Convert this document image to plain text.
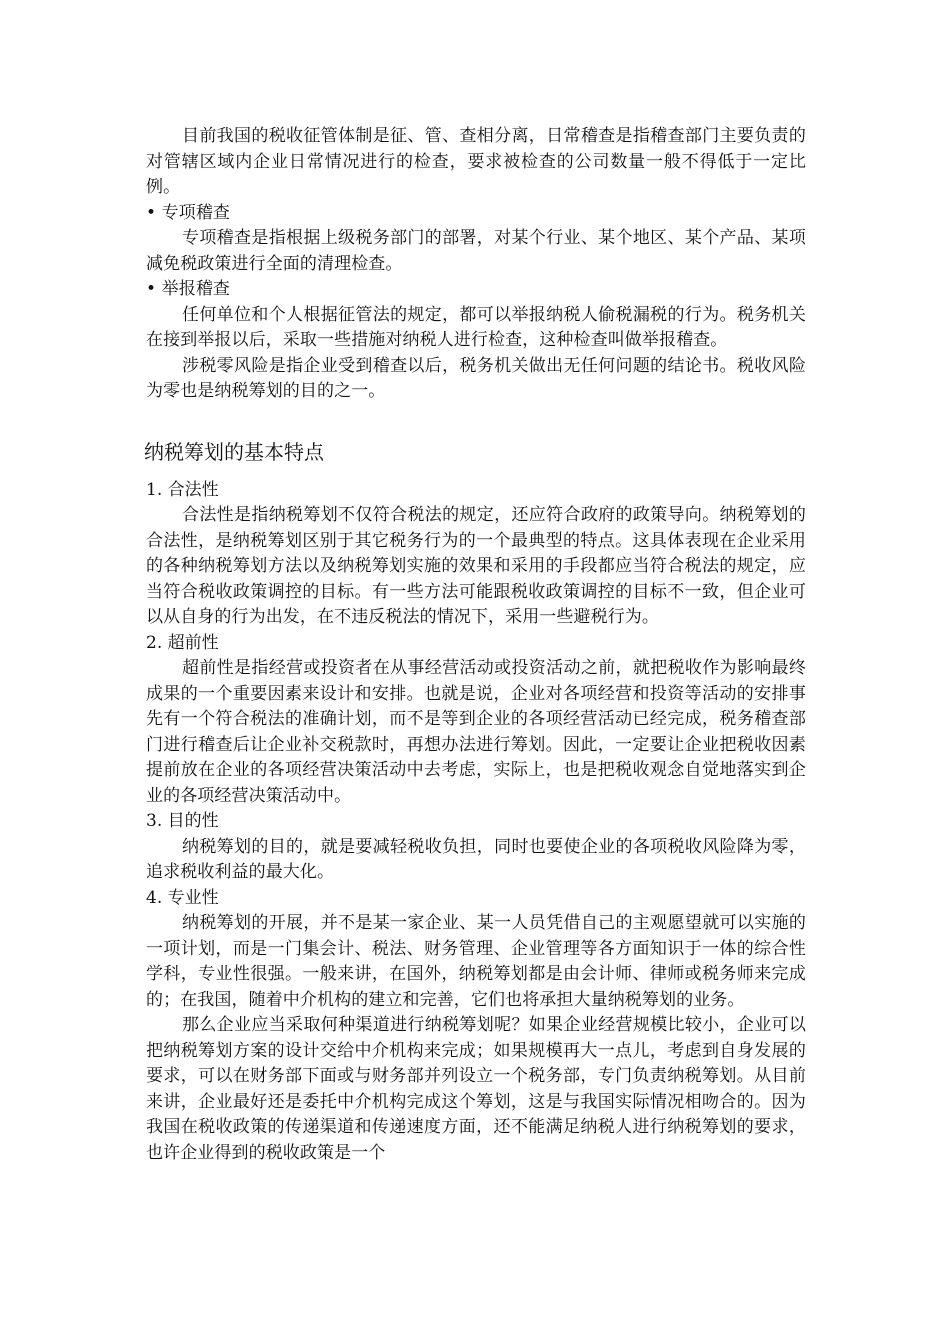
目前我国的税收征管体制是征、管、查相分离，日常稽查是指稽查部门主要负责的对管辖区域内企业日常情况进行的检查，要求被检查的公司数量一般不得低于一定比例。

• 专项稽查

专项稽查是指根据上级税务部门的部署，对某个行业、某个地区、某个产品、某项减免税政策进行全面的清理检查。

• 举报稽查

任何单位和个人根据征管法的规定，都可以举报纳税人偷税漏税的行为。税务机关在接到举报以后，采取一些措施对纳税人进行检查，这种检查叫做举报稽查。

涉税零风险是指企业受到稽查以后，税务机关做出无任何问题的结论书。税收风险为零也是纳税筹划的目的之一。

纳税筹划的基本特点

1. 合法性

合法性是指纳税筹划不仅符合税法的规定，还应符合政府的政策导向。纳税筹划的合法性，是纳税筹划区别于其它税务行为的一个最典型的特点。这具体表现在企业采用的各种纳税筹划方法以及纳税筹划实施的效果和采用的手段都应当符合税法的规定，应当符合税收政策调控的目标。有一些方法可能跟税收政策调控的目标不一致，但企业可以从自身的行为出发，在不违反税法的情况下，采用一些避税行为。

2. 超前性

超前性是指经营或投资者在从事经营活动或投资活动之前，就把税收作为影响最终成果的一个重要因素来设计和安排。也就是说，企业对各项经营和投资等活动的安排事先有一个符合税法的准确计划，而不是等到企业的各项经营活动已经完成，税务稽查部门进行稽查后让企业补交税款时，再想办法进行筹划。因此，一定要让企业把税收因素提前放在企业的各项经营决策活动中去考虑，实际上，也是把税收观念自觉地落实到企业的各项经营决策活动中。

3. 目的性

纳税筹划的目的，就是要减轻税收负担，同时也要使企业的各项税收风险降为零，追求税收利益的最大化。

4. 专业性

纳税筹划的开展，并不是某一家企业、某一人员凭借自己的主观愿望就可以实施的一项计划，而是一门集会计、税法、财务管理、企业管理等各方面知识于一体的综合性学科，专业性很强。一般来讲，在国外，纳税筹划都是由会计师、律师或税务师来完成的；在我国，随着中介机构的建立和完善，它们也将承担大量纳税筹划的业务。

那么企业应当采取何种渠道进行纳税筹划呢？如果企业经营规模比较小，企业可以把纳税筹划方案的设计交给中介机构来完成；如果规模再大一点儿，考虑到自身发展的要求，可以在财务部下面或与财务部并列设立一个税务部，专门负责纳税筹划。从目前来讲，企业最好还是委托中介机构完成这个筹划，这是与我国实际情况相吻合的。因为我国在税收政策的传递渠道和传递速度方面，还不能满足纳税人进行纳税筹划的要求，也许企业得到的税收政策是一个
